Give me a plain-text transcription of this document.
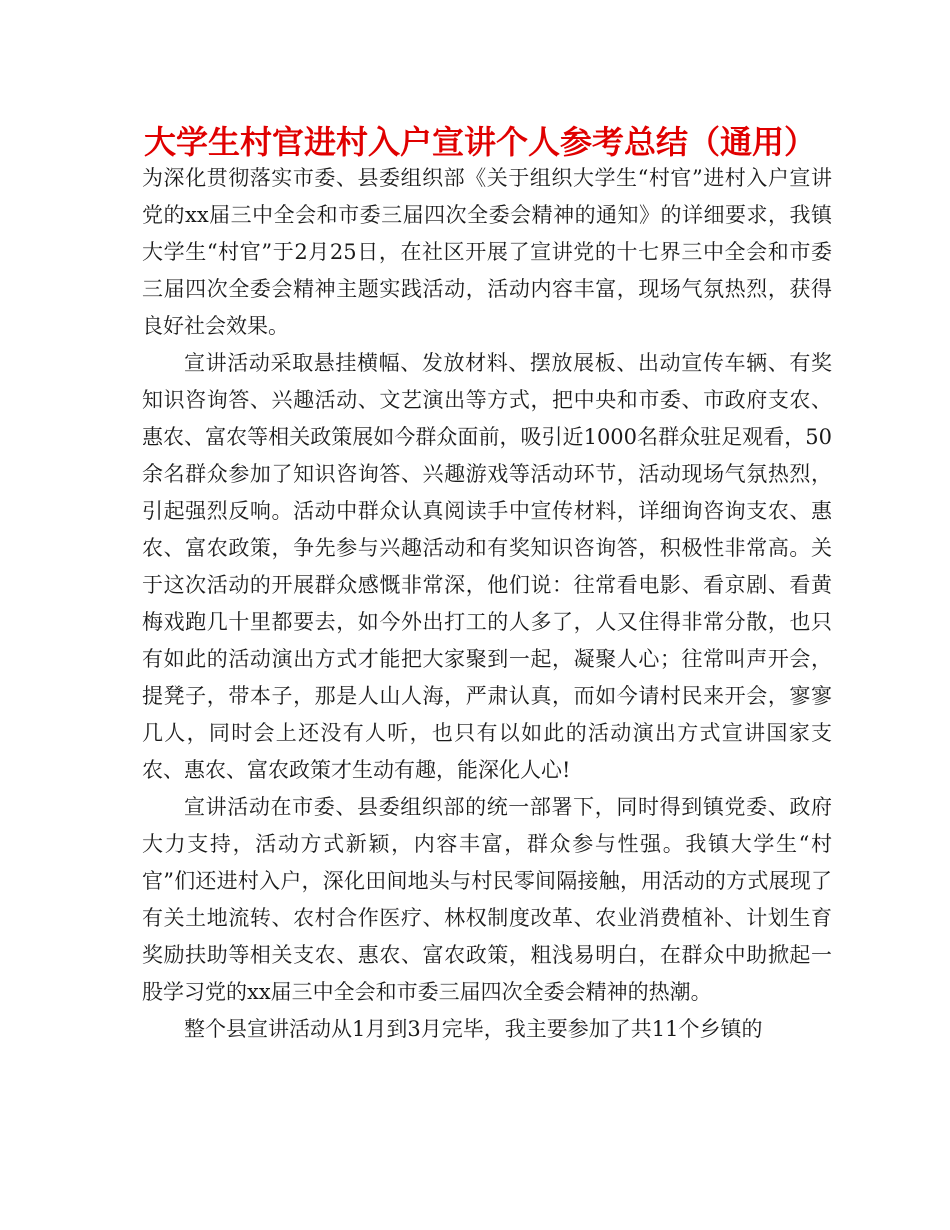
大学生村官进村入户宣讲个人参考总结（通用）

为深化贯彻落实市委、县委组织部《关于组织大学生“村官”进村入户宣讲党的xx届三中全会和市委三届四次全委会精神的通知》的详细要求，我镇大学生“村官”于2月25日，在社区开展了宣讲党的十七界三中全会和市委三届四次全委会精神主题实践活动，活动内容丰富，现场气氛热烈，获得良好社会效果。

宣讲活动采取悬挂横幅、发放材料、摆放展板、出动宣传车辆、有奖知识咨询答、兴趣活动、文艺演出等方式，把中央和市委、市政府支农、惠农、富农等相关政策展如今群众面前，吸引近1000名群众驻足观看，50余名群众参加了知识咨询答、兴趣游戏等活动环节，活动现场气氛热烈，引起强烈反响。活动中群众认真阅读手中宣传材料，详细询咨询支农、惠农、富农政策，争先参与兴趣活动和有奖知识咨询答，积极性非常高。关于这次活动的开展群众感慨非常深，他们说：往常看电影、看京剧、看黄梅戏跑几十里都要去，如今外出打工的人多了，人又住得非常分散，也只有如此的活动演出方式才能把大家聚到一起，凝聚人心；往常叫声开会，提凳子，带本子，那是人山人海，严肃认真，而如今请村民来开会，寥寥几人，同时会上还没有人听，也只有以如此的活动演出方式宣讲国家支农、惠农、富农政策才生动有趣，能深化人心!

宣讲活动在市委、县委组织部的统一部署下，同时得到镇党委、政府大力支持，活动方式新颖，内容丰富，群众参与性强。我镇大学生“村官”们还进村入户，深化田间地头与村民零间隔接触，用活动的方式展现了有关土地流转、农村合作医疗、林权制度改革、农业消费植补、计划生育奖励扶助等相关支农、惠农、富农政策，粗浅易明白，在群众中助掀起一股学习党的xx届三中全会和市委三届四次全委会精神的热潮。

整个县宣讲活动从1月到3月完毕，我主要参加了共11个乡镇的
